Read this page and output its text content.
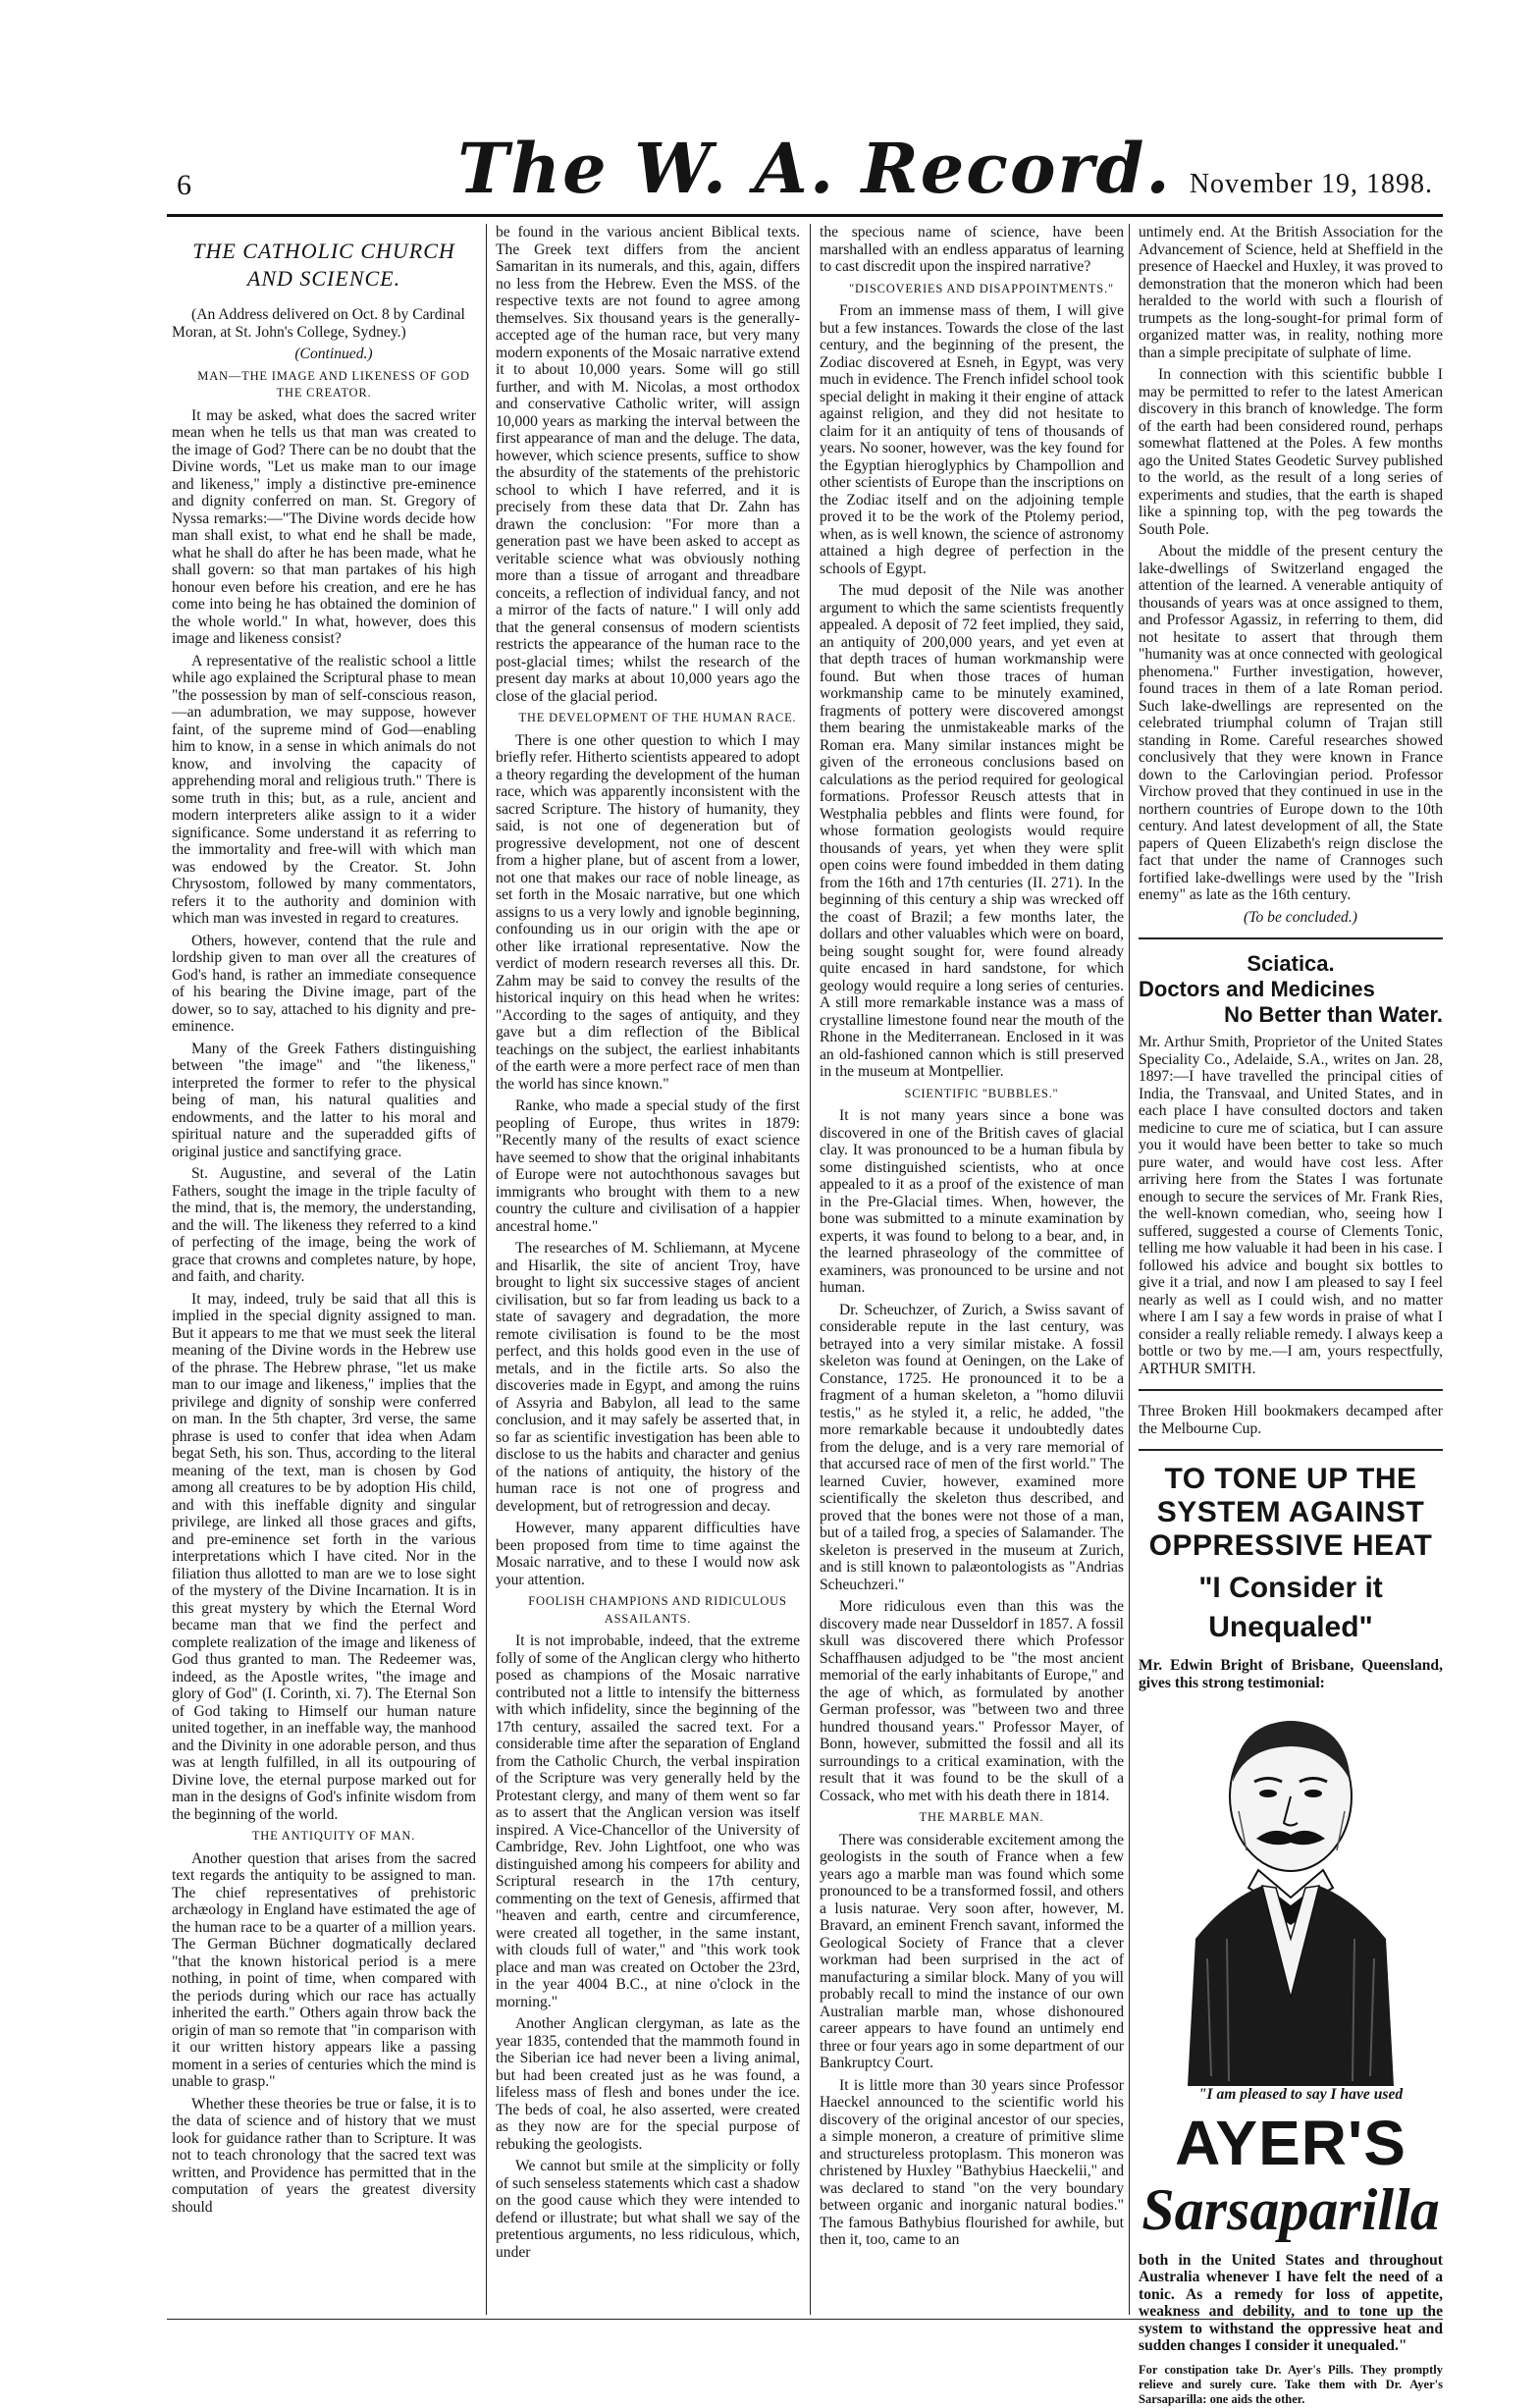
6	The W. A. Record. November 19, 1898.
THE CATHOLIC CHURCH
AND SCIENCE.

(An Address delivered on Oct. 8 by Cardinal Moran, at St. John's College, Sydney.)

(Continued.)

MAN—THE IMAGE AND LIKENESS OF GOD THE CREATOR.

It may be asked, what does the sacred writer mean when he tells us that man was created to the image of God? There can be no doubt that the Divine words, "Let us make man to our image and likeness," imply a distinctive pre-eminence and dignity conferred on man. St. Gregory of Nyssa remarks:—"The Divine words decide how man shall exist, to what end he shall be made, what he shall do after he has been made, what he shall govern: so that man partakes of his high honour even before his creation, and ere he has come into being he has obtained the dominion of the whole world." In what, however, does this image and likeness consist?

A representative of the realistic school a little while ago explained the Scriptural phase to mean "the possession by man of self-conscious reason,—an adumbration, we may suppose, however faint, of the supreme mind of God—enabling him to know, in a sense in which animals do not know, and involving the capacity of apprehending moral and religious truth." There is some truth in this; but, as a rule, ancient and modern interpreters alike assign to it a wider significance. Some understand it as referring to the immortality and free-will with which man was endowed by the Creator. St. John Chrysostom, followed by many commentators, refers it to the authority and dominion with which man was invested in regard to creatures.

Others, however, contend that the rule and lordship given to man over all the creatures of God's hand, is rather an immediate consequence of his bearing the Divine image, part of the dower, so to say, attached to his dignity and pre-eminence.

Many of the Greek Fathers distinguishing between "the image" and "the likeness," interpreted the former to refer to the physical being of man, his natural qualities and endowments, and the latter to his moral and spiritual nature and the superadded gifts of original justice and sanctifying grace.

St. Augustine, and several of the Latin Fathers, sought the image in the triple faculty of the mind, that is, the memory, the understanding, and the will. The likeness they referred to a kind of perfecting of the image, being the work of grace that crowns and completes nature, by hope, and faith, and charity.

It may, indeed, truly be said that all this is implied in the special dignity assigned to man. But it appears to me that we must seek the literal meaning of the Divine words in the Hebrew use of the phrase. The Hebrew phrase, "let us make man to our image and likeness," implies that the privilege and dignity of sonship were conferred on man. In the 5th chapter, 3rd verse, the same phrase is used to confer that idea when Adam begat Seth, his son. Thus, according to the literal meaning of the text, man is chosen by God among all creatures to be by adoption His child, and with this ineffable dignity and singular privilege, are linked all those graces and gifts, and pre-eminence set forth in the various interpretations which I have cited. Nor in the filiation thus allotted to man are we to lose sight of the mystery of the Divine Incarnation. It is in this great mystery by which the Eternal Word became man that we find the perfect and complete realization of the image and likeness of God thus granted to man. The Redeemer was, indeed, as the Apostle writes, "the image and glory of God" (I. Corinth, xi. 7). The Eternal Son of God taking to Himself our human nature united together, in an ineffable way, the manhood and the Divinity in one adorable person, and thus was at length fulfilled, in all its outpouring of Divine love, the eternal purpose marked out for man in the designs of God's infinite wisdom from the beginning of the world.

THE ANTIQUITY OF MAN.

Another question that arises from the sacred text regards the antiquity to be assigned to man. The chief representatives of prehistoric archæology in England have estimated the age of the human race to be a quarter of a million years. The German Büchner dogmatically declared "that the known historical period is a mere nothing, in point of time, when compared with the periods during which our race has actually inherited the earth." Others again throw back the origin of man so remote that "in comparison with it our written history appears like a passing moment in a series of centuries which the mind is unable to grasp."

Whether these theories be true or false, it is to the data of science and of history that we must look for guidance rather than to Scripture. It was not to teach chronology that the sacred text was written, and Providence has permitted that in the computation of years the greatest diversity should

be found in the various ancient Biblical texts. The Greek text differs from the ancient Samaritan in its numerals, and this, again, differs no less from the Hebrew. Even the MSS. of the respective texts are not found to agree among themselves. Six thousand years is the generally-accepted age of the human race, but very many modern exponents of the Mosaic narrative extend it to about 10,000 years. Some will go still further, and with M. Nicolas, a most orthodox and conservative Catholic writer, will assign 10,000 years as marking the interval between the first appearance of man and the deluge. The data, however, which science presents, suffice to show the absurdity of the statements of the prehistoric school to which I have referred, and it is precisely from these data that Dr. Zahn has drawn the conclusion: "For more than a generation past we have been asked to accept as veritable science what was obviously nothing more than a tissue of arrogant and threadbare conceits, a reflection of individual fancy, and not a mirror of the facts of nature." I will only add that the general consensus of modern scientists restricts the appearance of the human race to the post-glacial times; whilst the research of the present day marks at about 10,000 years ago the close of the glacial period.

THE DEVELOPMENT OF THE HUMAN RACE.

There is one other question to which I may briefly refer. Hitherto scientists appeared to adopt a theory regarding the development of the human race, which was apparently inconsistent with the sacred Scripture. The history of humanity, they said, is not one of degeneration but of progressive development, not one of descent from a higher plane, but of ascent from a lower, not one that makes our race of noble lineage, as set forth in the Mosaic narrative, but one which assigns to us a very lowly and ignoble beginning, confounding us in our origin with the ape or other like irrational representative. Now the verdict of modern research reverses all this. Dr. Zahm may be said to convey the results of the historical inquiry on this head when he writes: "According to the sages of antiquity, and they gave but a dim reflection of the Biblical teachings on the subject, the earliest inhabitants of the earth were a more perfect race of men than the world has since known."

Ranke, who made a special study of the first peopling of Europe, thus writes in 1879: "Recently many of the results of exact science have seemed to show that the original inhabitants of Europe were not autochthonous savages but immigrants who brought with them to a new country the culture and civilisation of a happier ancestral home."

The researches of M. Schliemann, at Mycene and Hisarlik, the site of ancient Troy, have brought to light six successive stages of ancient civilisation, but so far from leading us back to a state of savagery and degradation, the more remote civilisation is found to be the most perfect, and this holds good even in the use of metals, and in the fictile arts. So also the discoveries made in Egypt, and among the ruins of Assyria and Babylon, all lead to the same conclusion, and it may safely be asserted that, in so far as scientific investigation has been able to disclose to us the habits and character and genius of the nations of antiquity, the history of the human race is not one of progress and development, but of retrogression and decay.

However, many apparent difficulties have been proposed from time to time against the Mosaic narrative, and to these I would now ask your attention.

FOOLISH CHAMPIONS AND RIDICULOUS ASSAILANTS.

It is not improbable, indeed, that the extreme folly of some of the Anglican clergy who hitherto posed as champions of the Mosaic narrative contributed not a little to intensify the bitterness with which infidelity, since the beginning of the 17th century, assailed the sacred text. For a considerable time after the separation of England from the Catholic Church, the verbal inspiration of the Scripture was very generally held by the Protestant clergy, and many of them went so far as to assert that the Anglican version was itself inspired. A Vice-Chancellor of the University of Cambridge, Rev. John Lightfoot, one who was distinguished among his compeers for ability and Scriptural research in the 17th century, commenting on the text of Genesis, affirmed that "heaven and earth, centre and circumference, were created all together, in the same instant, with clouds full of water," and "this work took place and man was created on October the 23rd, in the year 4004 B.C., at nine o'clock in the morning."

Another Anglican clergyman, as late as the year 1835, contended that the mammoth found in the Siberian ice had never been a living animal, but had been created just as he was found, a lifeless mass of flesh and bones under the ice. The beds of coal, he also asserted, were created as they now are for the special purpose of rebuking the geologists.

We cannot but smile at the simplicity or folly of such senseless statements which cast a shadow on the good cause which they were intended to defend or illustrate; but what shall we say of the pretentious arguments, no less ridiculous, which, under

the specious name of science, have been marshalled with an endless apparatus of learning to cast discredit upon the inspired narrative?

"DISCOVERIES AND DISAPPOINTMENTS."

From an immense mass of them, I will give but a few instances. Towards the close of the last century, and the beginning of the present, the Zodiac discovered at Esneh, in Egypt, was very much in evidence. The French infidel school took special delight in making it their engine of attack against religion, and they did not hesitate to claim for it an antiquity of tens of thousands of years. No sooner, however, was the key found for the Egyptian hieroglyphics by Champollion and other scientists of Europe than the inscriptions on the Zodiac itself and on the adjoining temple proved it to be the work of the Ptolemy period, when, as is well known, the science of astronomy attained a high degree of perfection in the schools of Egypt.

The mud deposit of the Nile was another argument to which the same scientists frequently appealed. A deposit of 72 feet implied, they said, an antiquity of 200,000 years, and yet even at that depth traces of human workmanship were found. But when those traces of human workmanship came to be minutely examined, fragments of pottery were discovered amongst them bearing the unmistakeable marks of the Roman era. Many similar instances might be given of the erroneous conclusions based on calculations as the period required for geological formations. Professor Reusch attests that in Westphalia pebbles and flints were found, for whose formation geologists would require thousands of years, yet when they were split open coins were found imbedded in them dating from the 16th and 17th centuries (II. 271). In the beginning of this century a ship was wrecked off the coast of Brazil; a few months later, the dollars and other valuables which were on board, being sought sought for, were found already quite encased in hard sandstone, for which geology would require a long series of centuries. A still more remarkable instance was a mass of crystalline limestone found near the mouth of the Rhone in the Mediterranean. Enclosed in it was an old-fashioned cannon which is still preserved in the museum at Montpellier.

SCIENTIFIC "BUBBLES."

It is not many years since a bone was discovered in one of the British caves of glacial clay. It was pronounced to be a human fibula by some distinguished scientists, who at once appealed to it as a proof of the existence of man in the Pre-Glacial times. When, however, the bone was submitted to a minute examination by experts, it was found to belong to a bear, and, in the learned phraseology of the committee of examiners, was pronounced to be ursine and not human.

Dr. Scheuchzer, of Zurich, a Swiss savant of considerable repute in the last century, was betrayed into a very similar mistake. A fossil skeleton was found at Oeningen, on the Lake of Constance, 1725. He pronounced it to be a fragment of a human skeleton, a "homo diluvii testis," as he styled it, a relic, he added, "the more remarkable because it undoubtedly dates from the deluge, and is a very rare memorial of that accursed race of men of the first world." The learned Cuvier, however, examined more scientifically the skeleton thus described, and proved that the bones were not those of a man, but of a tailed frog, a species of Salamander. The skeleton is preserved in the museum at Zurich, and is still known to palæontologists as "Andrias Scheuchzeri."

More ridiculous even than this was the discovery made near Dusseldorf in 1857. A fossil skull was discovered there which Professor Schaffhausen adjudged to be "the most ancient memorial of the early inhabitants of Europe," and the age of which, as formulated by another German professor, was "between two and three hundred thousand years." Professor Mayer, of Bonn, however, submitted the fossil and all its surroundings to a critical examination, with the result that it was found to be the skull of a Cossack, who met with his death there in 1814.

THE MARBLE MAN.

There was considerable excitement among the geologists in the south of France when a few years ago a marble man was found which some pronounced to be a transformed fossil, and others a lusis naturae. Very soon after, however, M. Bravard, an eminent French savant, informed the Geological Society of France that a clever workman had been surprised in the act of manufacturing a similar block. Many of you will probably recall to mind the instance of our own Australian marble man, whose dishonoured career appears to have found an untimely end three or four years ago in some department of our Bankruptcy Court.

It is little more than 30 years since Professor Haeckel announced to the scientific world his discovery of the original ancestor of our species, a simple moneron, a creature of primitive slime and structureless protoplasm. This moneron was christened by Huxley "Bathybius Haeckelii," and was declared to stand "on the very boundary between organic and inorganic natural bodies." The famous Bathybius flourished for awhile, but then it, too, came to an

untimely end. At the British Association for the Advancement of Science, held at Sheffield in the presence of Haeckel and Huxley, it was proved to demonstration that the moneron which had been heralded to the world with such a flourish of trumpets as the long-sought-for primal form of organized matter was, in reality, nothing more than a simple precipitate of sulphate of lime.

In connection with this scientific bubble I may be permitted to refer to the latest American discovery in this branch of knowledge. The form of the earth had been considered round, perhaps somewhat flattened at the Poles. A few months ago the United States Geodetic Survey published to the world, as the result of a long series of experiments and studies, that the earth is shaped like a spinning top, with the peg towards the South Pole.

About the middle of the present century the lake-dwellings of Switzerland engaged the attention of the learned. A venerable antiquity of thousands of years was at once assigned to them, and Professor Agassiz, in referring to them, did not hesitate to assert that through them "humanity was at once connected with geological phenomena." Further investigation, however, found traces in them of a late Roman period. Such lake-dwellings are represented on the celebrated triumphal column of Trajan still standing in Rome. Careful researches showed conclusively that they were known in France down to the Carlovingian period. Professor Virchow proved that they continued in use in the northern countries of Europe down to the 10th century. And latest development of all, the State papers of Queen Elizabeth's reign disclose the fact that under the name of Crannoges such fortified lake-dwellings were used by the "Irish enemy" as late as the 16th century.

(To be concluded.)

Sciatica.
Doctors and Medicines
No Better than Water.

Mr. Arthur Smith, Proprietor of the United States Speciality Co., Adelaide, S.A., writes on Jan. 28, 1897:—I have travelled the principal cities of India, the Transvaal, and United States, and in each place I have consulted doctors and taken medicine to cure me of sciatica, but I can assure you it would have been better to take so much pure water, and would have cost less. After arriving here from the States I was fortunate enough to secure the services of Mr. Frank Ries, the well-known comedian, who, seeing how I suffered, suggested a course of Clements Tonic, telling me how valuable it had been in his case. I followed his advice and bought six bottles to give it a trial, and now I am pleased to say I feel nearly as well as I could wish, and no matter where I am I say a few words in praise of what I consider a really reliable remedy. I always keep a bottle or two by me.—I am, yours respectfully, ARTHUR SMITH.

Three Broken Hill bookmakers decamped after the Melbourne Cup.

TO TONE UP THE SYSTEM AGAINST OPPRESSIVE HEAT
"I Consider it Unequaled"

Mr. Edwin Bright of Brisbane, Queensland, gives this strong testimonial:

"I am pleased to say I have used

AYER'S
Sarsaparilla

both in the United States and throughout Australia whenever I have felt the need of a tonic. As a remedy for loss of appetite, weakness and debility, and to tone up the system to withstand the oppressive heat and sudden changes I consider it unequaled."

For constipation take Dr. Ayer's Pills. They promptly relieve and surely cure. Take them with Dr. Ayer's Sarsaparilla: one aids the other.
